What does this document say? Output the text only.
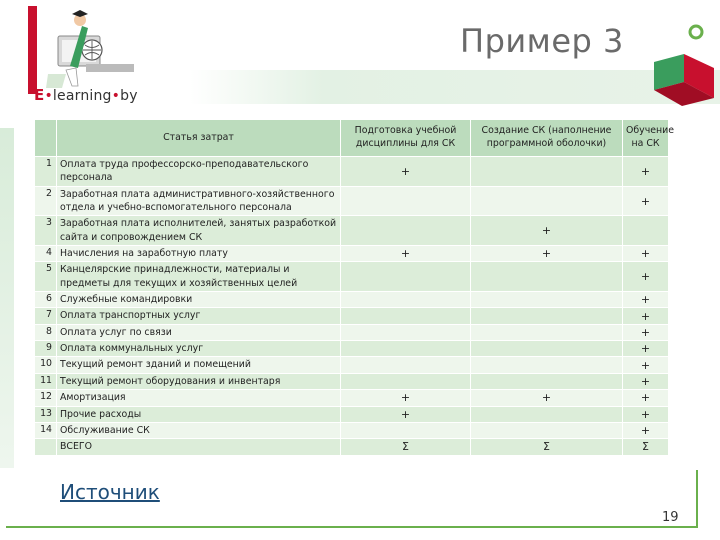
E•learning•by
Пример 3
	Статья затрат	Подготовка учебной дисциплины для СК	Создание СК (наполнение программной оболочки)	Обучение на СК
1	Оплата труда профессорско-преподавательского персонала	+		+
2	Заработная плата административного-хозяйственного отдела и учебно-вспомогательного персонала			+
3	Заработная плата исполнителей, занятых разработкой сайта и сопровождением СК		+	
4	Начисления на заработную плату	+	+	+
5	Канцелярские принадлежности, материалы и предметы для текущих и хозяйственных целей			+
6	Служебные командировки			+
7	Оплата транспортных услуг			+
8	Оплата услуг по связи			+
9	Оплата коммунальных услуг			+
10	Текущий ремонт зданий и помещений			+
11	Текущий ремонт оборудования и инвентаря			+
12	Амортизация	+	+	+
13	Прочие расходы	+		+
14	Обслуживание СК			+
	ВСЕГО	Σ	Σ	Σ
Источник
19
